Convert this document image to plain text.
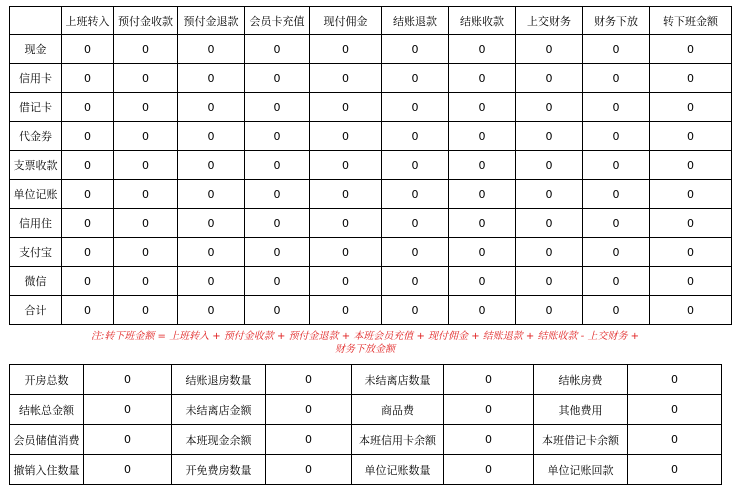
	上班转入	预付金收款	预付金退款	会员卡充值	现付佣金	结账退款	结账收款	上交财务	财务下放	转下班金额
现金	0	0	0	0	0	0	0	0	0	0
信用卡	0	0	0	0	0	0	0	0	0	0
借记卡	0	0	0	0	0	0	0	0	0	0
代金券	0	0	0	0	0	0	0	0	0	0
支票收款	0	0	0	0	0	0	0	0	0	0
单位记账	0	0	0	0	0	0	0	0	0	0
信用住	0	0	0	0	0	0	0	0	0	0
支付宝	0	0	0	0	0	0	0	0	0	0
微信	0	0	0	0	0	0	0	0	0	0
合计	0	0	0	0	0	0	0	0	0	0
注:转下班金额 = 上班转入 + 预付金收款 + 预付金退款 + 本班会员充值 + 现付佣金 + 结账退款 + 结账收款 - 上交财务 +
财务下放金额
开房总数	0	结账退房数量	0	未结离店数量	0	结帐房费	0
结帐总金额	0	未结离店金额	0	商品费	0	其他费用	0
会员储值消费	0	本班现金余额	0	本班信用卡余额	0	本班借记卡余额	0
撤销入住数量	0	开免费房数量	0	单位记账数量	0	单位记账回款	0
